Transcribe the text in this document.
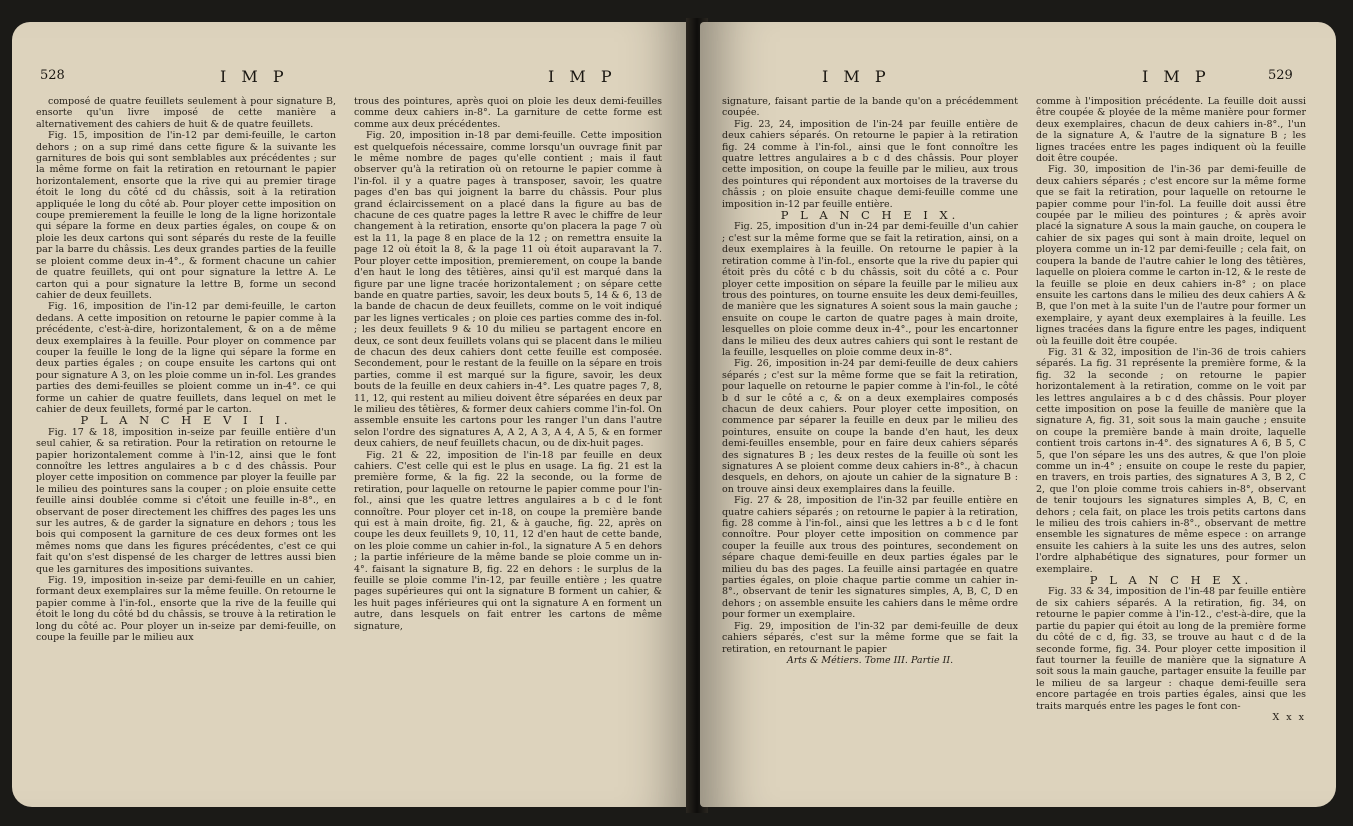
528	I M P	I M P

composé de quatre feuillets seulement à pour signature B, ensorte qu'un livre imposé de cette manière a alternativement des cahiers de huit & de quatre feuillets.

Fig. 15, imposition de l'in-12 par demi-feuille, le carton dehors ; on a sup rimé dans cette figure & la suivante les garnitures de bois qui sont semblables aux précédentes ; sur la même forme on fait la retiration en retournant le papier horizontalement, ensorte que la rive qui au premier tirage étoit le long du côté cd du châssis, soit à la retiration appliquée le long du côté ab. Pour ployer cette imposition on coupe premierement la feuille le long de la ligne horizontale qui sépare la forme en deux parties égales, on coupe & on ploie les deux cartons qui sont séparés du reste de la feuille par la barre du châssis. Les deux grandes parties de la feuille se ploient comme deux in-4°., & forment chacune un cahier de quatre feuillets, qui ont pour signature la lettre A. Le carton qui a pour signature la lettre B, forme un second cahier de deux feuillets.

Fig. 16, imposition de l'in-12 par demi-feuille, le carton dedans. A cette imposition on retourne le papier comme à la précédente, c'est-à-dire, horizontalement, & on a de même deux exemplaires à la feuille. Pour ployer on commence par couper la feuille le long de la ligne qui sépare la forme en deux parties égales ; on coupe ensuite les cartons qui ont pour signature A 3, on les ploie comme un in-fol. Les grandes parties des demi-feuilles se ploient comme un in-4°. ce qui forme un cahier de quatre feuillets, dans lequel on met le cahier de deux feuillets, formé par le carton.

P L A N C H E V I I I.

Fig. 17 & 18, imposition in-seize par feuille entière d'un seul cahier, & sa retiration. Pour la retiration on retourne le papier horizontalement comme à l'in-12, ainsi que le font connoître les lettres angulaires a b c d des châssis. Pour ployer cette imposition on commence par ployer la feuille par le milieu des pointures sans la couper ; on ploie ensuite cette feuille ainsi doublée comme si c'étoit une feuille in-8°., en observant de poser directement les chiffres des pages les uns sur les autres, & de garder la signature en dehors ; tous les bois qui composent la garniture de ces deux formes ont les mêmes noms que dans les figures précédentes, c'est ce qui fait qu'on s'est dispensé de les charger de lettres aussi bien que les garnitures des impositions suivantes.

Fig. 19, imposition in-seize par demi-feuille en un cahier, formant deux exemplaires sur la même feuille. On retourne le papier comme à l'in-fol., ensorte que la rive de la feuille qui étoit le long du côté bd du châssis, se trouve à la retiration le long du côté ac. Pour ployer un in-seize par demi-feuille, on coupe la feuille par le milieu aux

trous des pointures, après quoi on ploie les deux demi-feuilles comme deux cahiers in-8°. La garniture de cette forme est comme aux deux précédentes.

Fig. 20, imposition in-18 par demi-feuille. Cette imposition est quelquefois nécessaire, comme lorsqu'un ouvrage finit par le même nombre de pages qu'elle contient ; mais il faut observer qu'à la retiration où on retourne le papier comme à l'in-fol. il y a quatre pages à transposer, savoir, les quatre pages d'en bas qui joignent la barre du châssis. Pour plus grand éclaircissement on a placé dans la figure au bas de chacune de ces quatre pages la lettre R avec le chiffre de leur changement à la retiration, ensorte qu'on placera la page 7 où est la 11, la page 8 en place de la 12 ; on remettra ensuite la page 12 où étoit la 8, & la page 11 où étoit auparavant la 7. Pour ployer cette imposition, premierement, on coupe la bande d'en haut le long des têtières, ainsi qu'il est marqué dans la figure par une ligne tracée horizontalement ; on sépare cette bande en quatre parties, savoir, les deux bouts 5, 14 & 6, 13 de la bande de chacun de deux feuillets, comme on le voit indiqué par les lignes verticales ; on ploie ces parties comme des in-fol. ; les deux feuillets 9 & 10 du milieu se partagent encore en deux, ce sont deux feuillets volans qui se placent dans le milieu de chacun des deux cahiers dont cette feuille est composée. Secondement, pour le restant de la feuille on la sépare en trois parties, comme il est marqué sur la figure, savoir, les deux bouts de la feuille en deux cahiers in-4°. Les quatre pages 7, 8, 11, 12, qui restent au milieu doivent être séparées en deux par le milieu des têtières, & former deux cahiers comme l'in-fol. On assemble ensuite les cartons pour les ranger l'un dans l'autre selon l'ordre des signatures A, A 2, A 3, A 4, A 5, & en former deux cahiers, de neuf feuillets chacun, ou de dix-huit pages.

Fig. 21 & 22, imposition de l'in-18 par feuille en deux cahiers. C'est celle qui est le plus en usage. La fig. 21 est la première forme, & la fig. 22 la seconde, ou la forme de retiration, pour laquelle on retourne le papier comme pour l'in-fol., ainsi que les quatre lettres angulaires a b c d le font connoître. Pour ployer cet in-18, on coupe la première bande qui est à main droite, fig. 21, & à gauche, fig. 22, après on coupe les deux feuillets 9, 10, 11, 12 d'en haut de cette bande, on les ploie comme un cahier in-fol., la signature A 5 en dehors ; la partie inférieure de la même bande se ploie comme un in-4°. faisant la signature B, fig. 22 en dehors : le surplus de la feuille se ploie comme l'in-12, par feuille entière ; les quatre pages supérieures qui ont la signature B forment un cahier, & les huit pages inférieures qui ont la signature A en forment un autre, dans lesquels on fait entrer les cartons de même signature,

I M P	I M P	529

signature, faisant partie de la bande qu'on a précédemment coupée.

Fig. 23, 24, imposition de l'in-24 par feuille entière de deux cahiers séparés. On retourne le papier à la retiration fig. 24 comme à l'in-fol., ainsi que le font connoître les quatre lettres angulaires a b c d des châssis. Pour ployer cette imposition, on coupe la feuille par le milieu, aux trous des pointures qui répondent aux mortoises de la traverse du châssis ; on ploie ensuite chaque demi-feuille comme une imposition in-12 par feuille entière.

P L A N C H E I X.

Fig. 25, imposition d'un in-24 par demi-feuille d'un cahier ; c'est sur la même forme que se fait la retiration, ainsi, on a deux exemplaires à la feuille. On retourne le papier à la retiration comme à l'in-fol., ensorte que la rive du papier qui étoit près du côté c b du châssis, soit du côté a c. Pour ployer cette imposition on sépare la feuille par le milieu aux trous des pointures, on tourne ensuite les deux demi-feuilles, de manière que les signatures A soient sous la main gauche ; ensuite on coupe le carton de quatre pages à main droite, lesquelles on ploie comme deux in-4°., pour les encartonner dans le milieu des deux autres cahiers qui sont le restant de la feuille, lesquelles on ploie comme deux in-8°.

Fig. 26, imposition in-24 par demi-feuille de deux cahiers séparés ; c'est sur la même forme que se fait la retiration, pour laquelle on retourne le papier comme à l'in-fol., le côté b d sur le côté a c, & on a deux exemplaires composés chacun de deux cahiers. Pour ployer cette imposition, on commence par séparer la feuille en deux par le milieu des pointures, ensuite on coupe la bande d'en haut, les deux demi-feuilles ensemble, pour en faire deux cahiers séparés des signatures B ; les deux restes de la feuille où sont les signatures A se ploient comme deux cahiers in-8°., à chacun desquels, en dehors, on ajoute un cahier de la signature B : on trouve ainsi deux exemplaires dans la feuille.

Fig. 27 & 28, imposition de l'in-32 par feuille entière en quatre cahiers séparés ; on retourne le papier à la retiration, fig. 28 comme à l'in-fol., ainsi que les lettres a b c d le font connoître. Pour ployer cette imposition on commence par couper la feuille aux trous des pointures, secondement on sépare chaque demi-feuille en deux parties égales par le milieu du bas des pages. La feuille ainsi partagée en quatre parties égales, on ploie chaque partie comme un cahier in-8°., observant de tenir les signatures simples, A, B, C, D en dehors ; on assemble ensuite les cahiers dans le même ordre pour former un exemplaire.

Fig. 29, imposition de l'in-32 par demi-feuille de deux cahiers séparés, c'est sur la même forme que se fait la retiration, en retournant le papier

Arts & Métiers. Tome III. Partie II.

comme à l'imposition précédente. La feuille doit aussi être coupée & ployée de la même manière pour former deux exemplaires, chacun de deux cahiers in-8°., l'un de la signature A, & l'autre de la signature B ; les lignes tracées entre les pages indiquent où la feuille doit être coupée.

Fig. 30, imposition de l'in-36 par demi-feuille de deux cahiers séparés ; c'est encore sur la même forme que se fait la retiration, pour laquelle on retourne le papier comme pour l'in-fol. La feuille doit aussi être coupée par le milieu des pointures ; & après avoir placé la signature A sous la main gauche, on coupera le cahier de six pages qui sont à main droite, lequel on ployera comme un in-12 par demi-feuille ; cela fait, on coupera la bande de l'autre cahier le long des têtières, laquelle on ploiera comme le carton in-12, & le reste de la feuille se ploie en deux cahiers in-8° ; on place ensuite les cartons dans le milieu des deux cahiers A & B, que l'on met à la suite l'un de l'autre pour former un exemplaire, y ayant deux exemplaires à la feuille. Les lignes tracées dans la figure entre les pages, indiquent où la feuille doit être coupée.

Fig. 31 & 32, imposition de l'in-36 de trois cahiers séparés. La fig. 31 représente la première forme, & la fig. 32 la seconde ; on retourne le papier horizontalement à la retiration, comme on le voit par les lettres angulaires a b c d des châssis. Pour ployer cette imposition on pose la feuille de manière que la signature A, fig. 31, soit sous la main gauche ; ensuite on coupe la première bande à main droite, laquelle contient trois cartons in-4°. des signatures A 6, B 5, C 5, que l'on sépare les uns des autres, & que l'on ploie comme un in-4° ; ensuite on coupe le reste du papier, en travers, en trois parties, des signatures A 3, B 2, C 2, que l'on ploie comme trois cahiers in-8°, observant de tenir toujours les signatures simples A, B, C, en dehors ; cela fait, on place les trois petits cartons dans le milieu des trois cahiers in-8°., observant de mettre ensemble les signatures de même espece : on arrange ensuite les cahiers à la suite les uns des autres, selon l'ordre alphabétique des signatures, pour former un exemplaire.

P L A N C H E X.

Fig. 33 & 34, imposition de l'in-48 par feuille entière de six cahiers séparés. A la retiration, fig. 34, on retourne le papier comme à l'in-12., c'est-à-dire, que la partie du papier qui étoit au long de la première forme du côté de c d, fig. 33, se trouve au haut c d de la seconde forme, fig. 34. Pour ployer cette imposition il faut tourner la feuille de manière que la signature A soit sous la main gauche, partager ensuite la feuille par le milieu de sa largeur : chaque demi-feuille sera encore partagée en trois parties égales, ainsi que les traits marqués entre les pages le font con-

X x x
